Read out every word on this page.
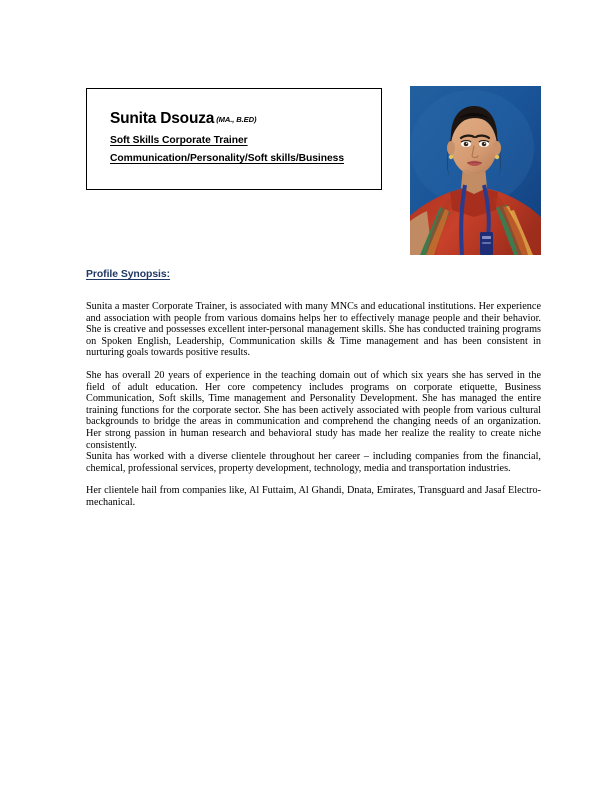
Sunita Dsouza (MA., B.ED)
Soft Skills Corporate Trainer Communication/Personality/Soft skills/Business
Profile Synopsis:

Sunita a master Corporate Trainer, is associated with many MNCs and educational institutions. Her experience and association with people from various domains helps her to effectively manage people and their behavior. She is creative and possesses excellent inter-personal management skills. She has conducted training programs on Spoken English, Leadership, Communication skills & Time management and has been consistent in nurturing goals towards positive results.

She has overall 20 years of experience in the teaching domain out of which six years she has served in the field of adult education. Her core competency includes programs on corporate etiquette, Business Communication, Soft skills, Time management and Personality Development. She has managed the entire training functions for the corporate sector. She has been actively associated with people from various cultural backgrounds to bridge the areas in communication and comprehend the changing needs of an organization. Her strong passion in human research and behavioral study has made her realize the reality to create niche consistently.

Sunita has worked with a diverse clientele throughout her career – including companies from the financial, chemical, professional services, property development, technology, media and transportation industries.

Her clientele hail from companies like, Al Futtaim, Al Ghandi, Dnata, Emirates, Transguard and Jasaf Electro- mechanical.
